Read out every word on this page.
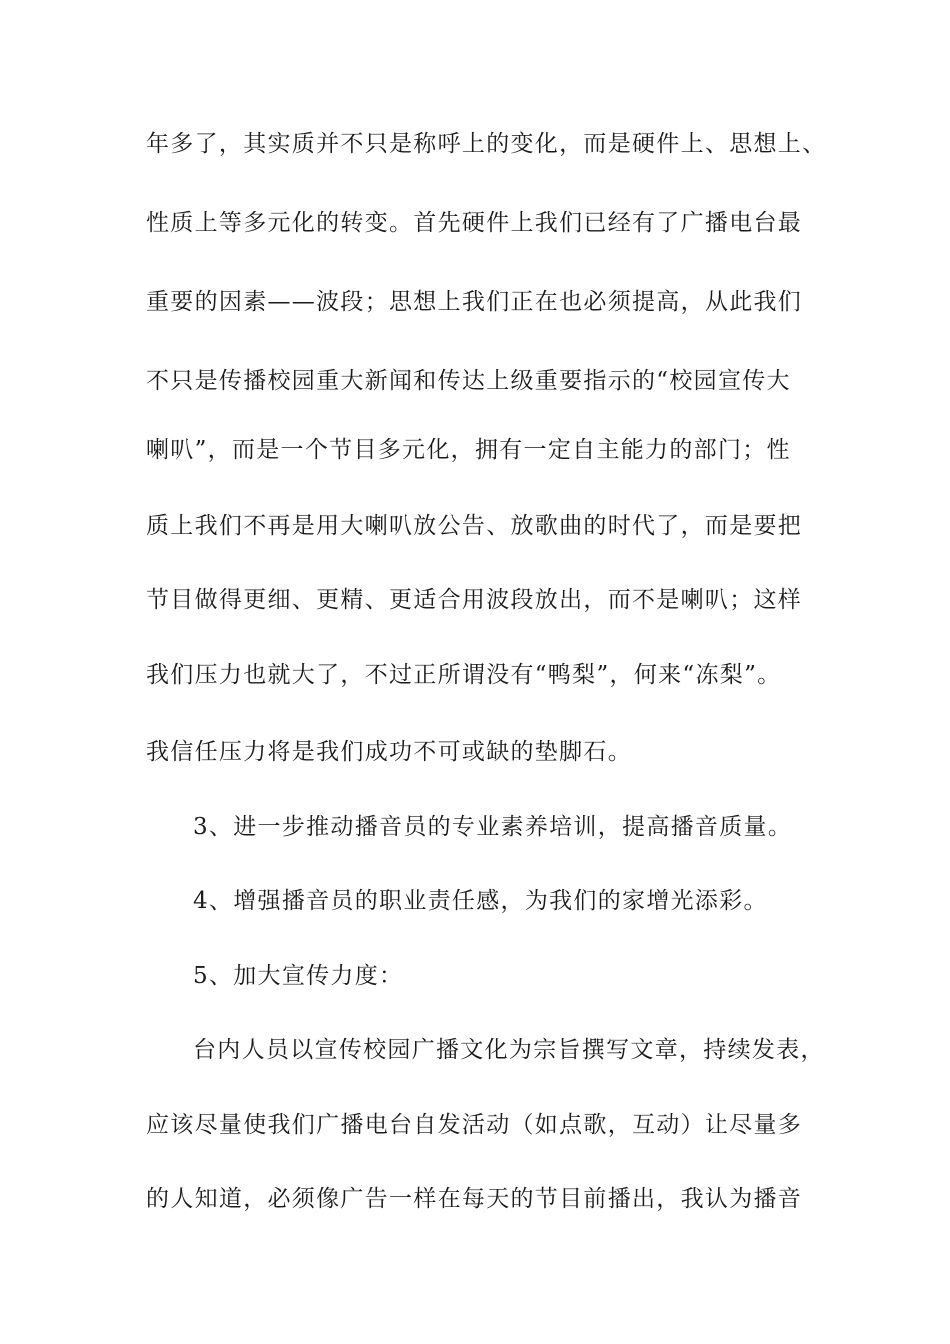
年多了，其实质并不只是称呼上的变化，而是硬件上、思想上、
性质上等多元化的转变。首先硬件上我们已经有了广播电台最
重要的因素——波段；思想上我们正在也必须提高，从此我们
不只是传播校园重大新闻和传达上级重要指示的“校园宣传大
喇叭”，而是一个节目多元化，拥有一定自主能力的部门；性
质上我们不再是用大喇叭放公告、放歌曲的时代了，而是要把
节目做得更细、更精、更适合用波段放出，而不是喇叭；这样
我们压力也就大了，不过正所谓没有“鸭梨”，何来“冻梨”。
我信任压力将是我们成功不可或缺的垫脚石。
3、进一步推动播音员的专业素养培训，提高播音质量。
4、增强播音员的职业责任感，为我们的家增光添彩。
5、加大宣传力度：
台内人员以宣传校园广播文化为宗旨撰写文章，持续发表，
应该尽量使我们广播电台自发活动（如点歌，互动）让尽量多
的人知道，必须像广告一样在每天的节目前播出，我认为播音
